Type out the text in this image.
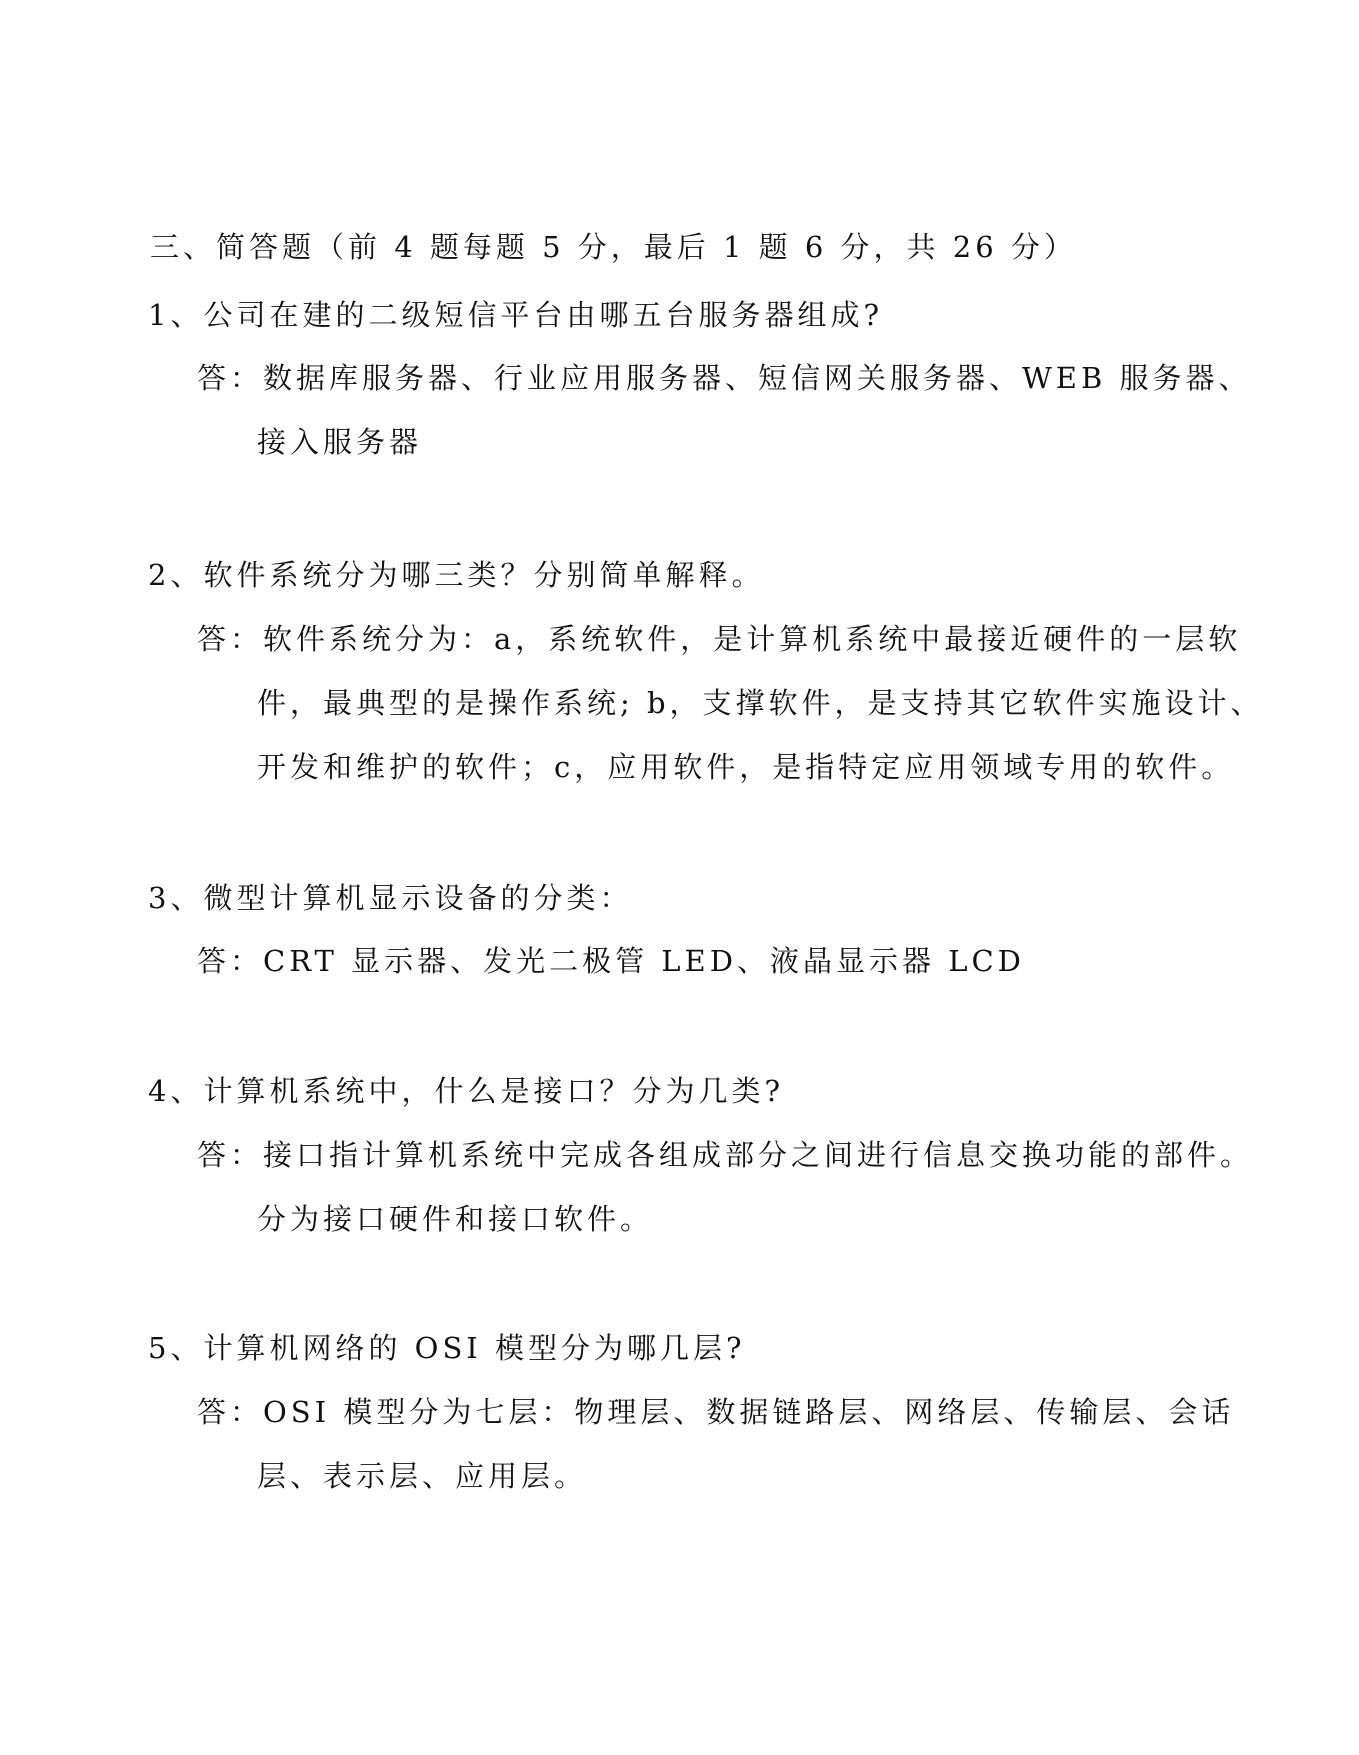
三、简答题（前 4 题每题 5 分，最后 1 题 6 分，共 26 分）
1、公司在建的二级短信平台由哪五台服务器组成?
答：数据库服务器、行业应用服务器、短信网关服务器、WEB 服务器、
接入服务器
2、软件系统分为哪三类？分别简单解释。
答：软件系统分为：a，系统软件，是计算机系统中最接近硬件的一层软
件，最典型的是操作系统; b，支撑软件，是支持其它软件实施设计、
开发和维护的软件；c，应用软件，是指特定应用领域专用的软件。
3、微型计算机显示设备的分类：
答：CRT 显示器、发光二极管 LED、液晶显示器 LCD
4、计算机系统中，什么是接口？分为几类?
答：接口指计算机系统中完成各组成部分之间进行信息交换功能的部件。
分为接口硬件和接口软件。
5、计算机网络的 OSI 模型分为哪几层?
答：OSI 模型分为七层：物理层、数据链路层、网络层、传输层、会话
层、表示层、应用层。
